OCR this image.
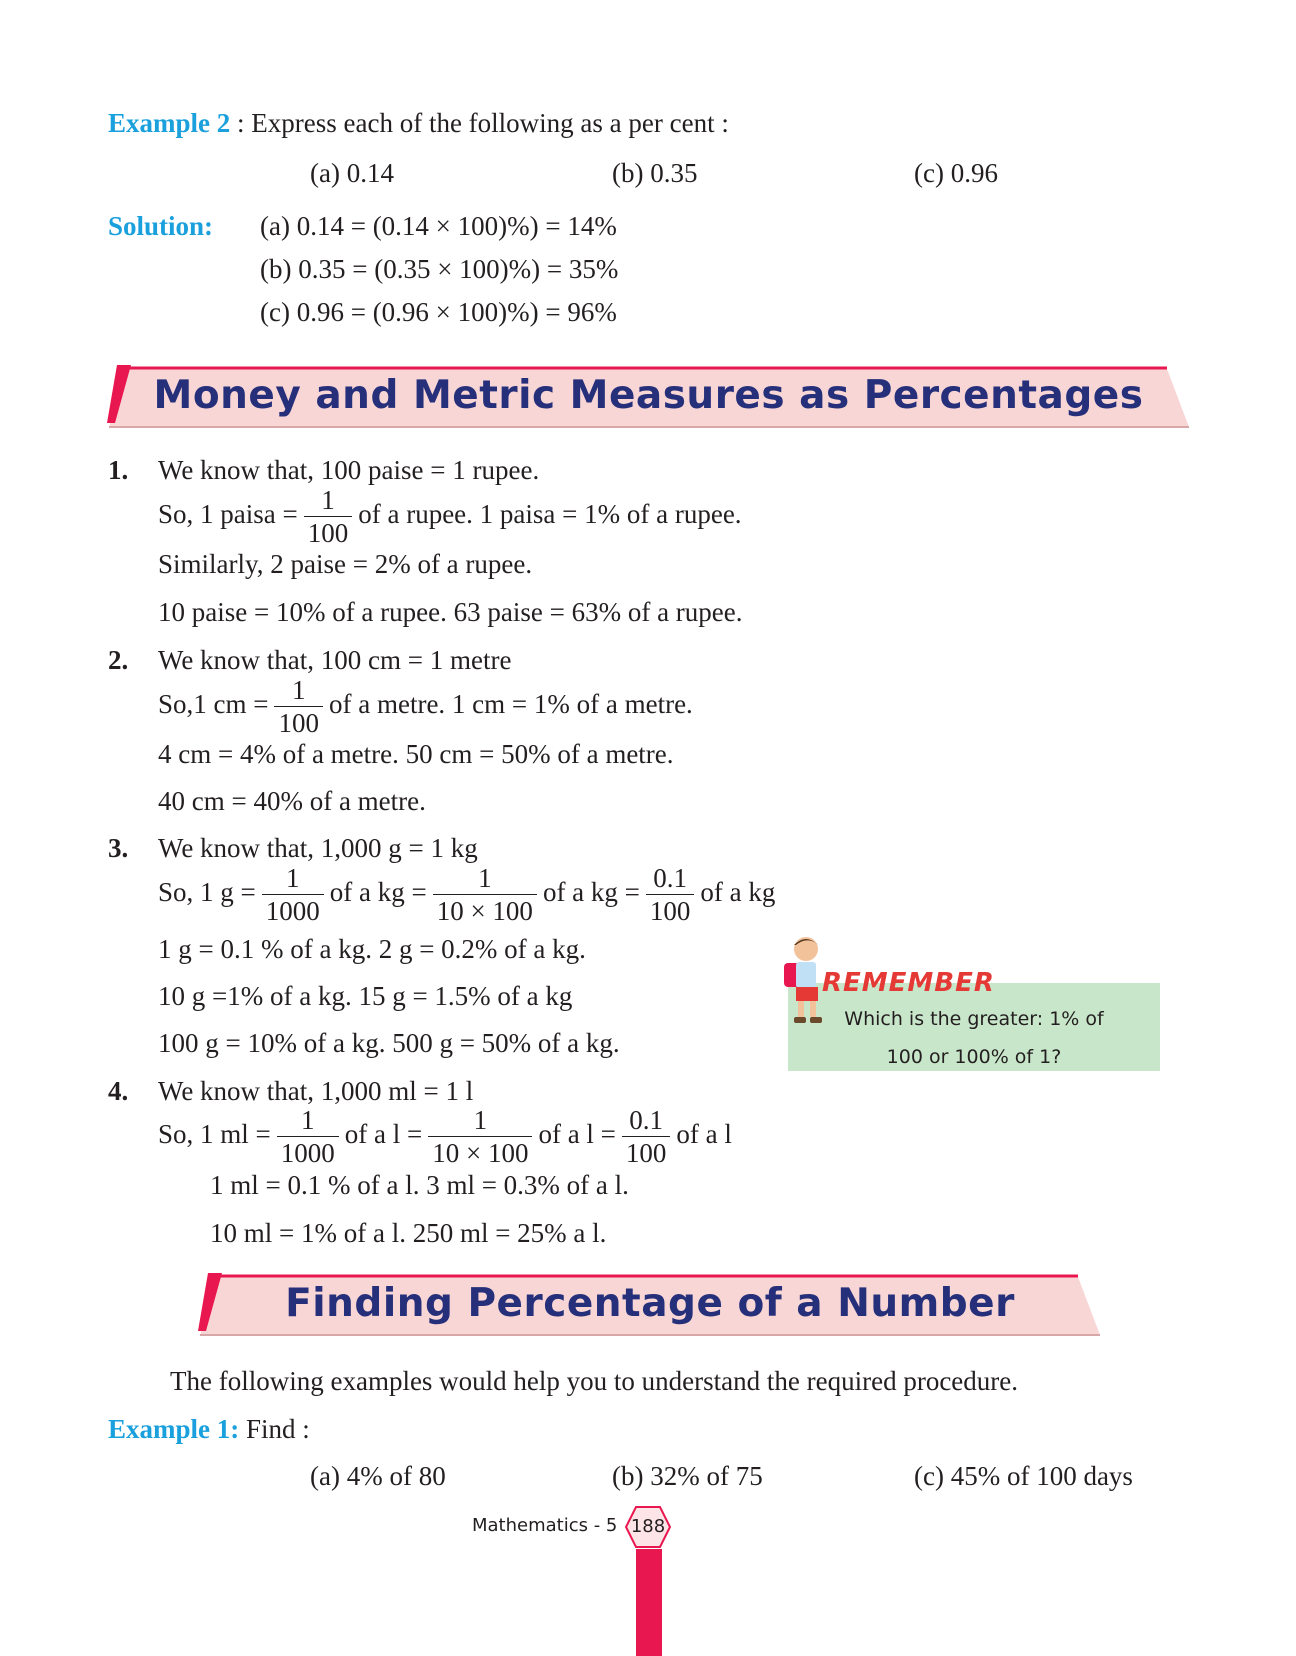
Example 2 : Express each of the following as a per cent :
(a) 0.14	(b) 0.35	(c) 0.96
Solution: (a) 0.14 = (0.14 × 100)%) = 14%
(b) 0.35 = (0.35 × 100)%) = 35%
(c) 0.96 = (0.96 × 100)%) = 96%
Money and Metric Measures as Percentages
1. We know that, 100 paise = 1 rupee.
So, 1 paisa = $\frac{1}{100}$ of a rupee. 1 paisa = 1% of a rupee.
Similarly, 2 paise = 2% of a rupee.
10 paise = 10% of a rupee. 63 paise = 63% of a rupee.
2. We know that, 100 cm = 1 metre
So,1 cm = $\frac{1}{100}$ of a metre. 1 cm = 1% of a metre.
4 cm = 4% of a metre. 50 cm = 50% of a metre.
40 cm = 40% of a metre.
3. We know that, 1,000 g = 1 kg
So, 1 $g = \frac{1}{1000}$ of a kg = $\frac{1}{10 \times 100}$ of a kg = $\frac{0.1}{100}$ of a kg
1 g = 0.1 % of a kg. 2 g = 0.2% of a kg.
10 g =1% of a kg. 15 g = 1.5% of a kg
100 g = 10% of a kg. 500 g = 50% of a kg.
4. We know that, 1,000 ml = 1 l
So, 1 ml = $\frac{1}{1000}$ of a $l = \frac{1}{10 \times 100}$ of a $l = \frac{0.1}{100}$ of a l
1 ml = 0.1 % of a l. 3 ml = 0.3% of a l.
10 ml = 1% of a l. 250 ml = 25% a l.
REMEMBER
Which is the greater: 1% of
100 or 100% of 1?
Finding Percentage of a Number
The following examples would help you to understand the required procedure.
Example 1: Find :
(a) 4% of 80	(b) 32% of 75	(c) 45% of 100 days
Mathematics - 5 188
